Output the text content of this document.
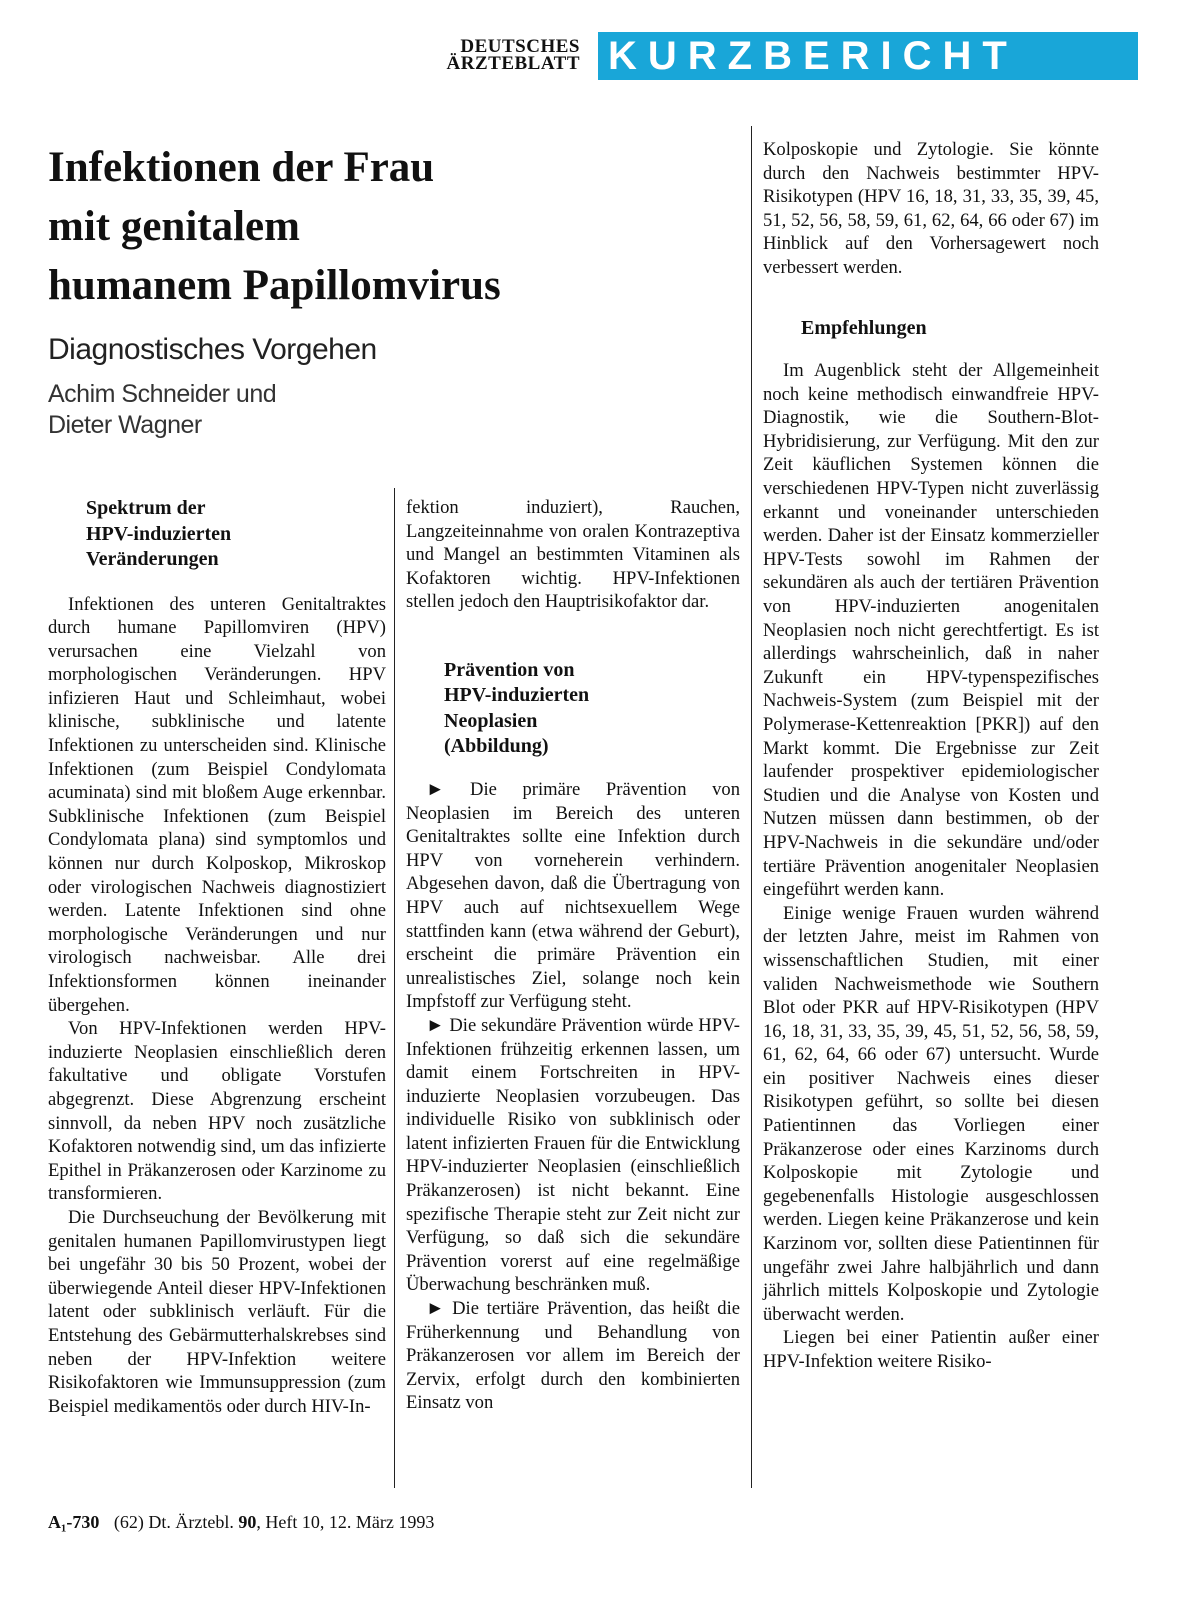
DEUTSCHES
ÄRZTEBLATT KURZBERICHT
Infektionen der Frau
mit genitalem
humanem Papillomvirus
Diagnostisches Vorgehen
Achim Schneider und
Dieter Wagner
Spektrum der
HPV-induzierten
Veränderungen

Infektionen des unteren Genitaltraktes durch humane Papillomviren (HPV) verursachen eine Vielzahl von morphologischen Veränderungen. HPV infizieren Haut und Schleimhaut, wobei klinische, subklinische und latente Infektionen zu unterscheiden sind. Klinische Infektionen (zum Beispiel Condylomata acuminata) sind mit bloßem Auge erkennbar. Subklinische Infektionen (zum Beispiel Condylomata plana) sind symptomlos und können nur durch Kolposkop, Mikroskop oder virologischen Nachweis diagnostiziert werden. Latente Infektionen sind ohne morphologische Veränderungen und nur virologisch nachweisbar. Alle drei Infektionsformen können ineinander übergehen.

Von HPV-Infektionen werden HPV-induzierte Neoplasien einschließlich deren fakultative und obligate Vorstufen abgegrenzt. Diese Abgrenzung erscheint sinnvoll, da neben HPV noch zusätzliche Kofaktoren notwendig sind, um das infizierte Epithel in Präkanzerosen oder Karzinome zu transformieren.

Die Durchseuchung der Bevölkerung mit genitalen humanen Papillomvirustypen liegt bei ungefähr 30 bis 50 Prozent, wobei der überwiegende Anteil dieser HPV-Infektionen latent oder subklinisch verläuft. Für die Entstehung des Gebärmutterhalskrebses sind neben der HPV-Infektion weitere Risikofaktoren wie Immunsuppression (zum Beispiel medikamentös oder durch HIV-In-

fektion induziert), Rauchen, Langzeiteinnahme von oralen Kontrazeptiva und Mangel an bestimmten Vitaminen als Kofaktoren wichtig. HPV-Infektionen stellen jedoch den Hauptrisikofaktor dar.

Prävention von
HPV-induzierten
Neoplasien
(Abbildung)

► Die primäre Prävention von Neoplasien im Bereich des unteren Genitaltraktes sollte eine Infektion durch HPV von vorneherein verhindern. Abgesehen davon, daß die Übertragung von HPV auch auf nichtsexuellem Wege stattfinden kann (etwa während der Geburt), erscheint die primäre Prävention ein unrealistisches Ziel, solange noch kein Impfstoff zur Verfügung steht.

► Die sekundäre Prävention würde HPV-Infektionen frühzeitig erkennen lassen, um damit einem Fortschreiten in HPV-induzierte Neoplasien vorzubeugen. Das individuelle Risiko von subklinisch oder latent infizierten Frauen für die Entwicklung HPV-induzierter Neoplasien (einschließlich Präkanzerosen) ist nicht bekannt. Eine spezifische Therapie steht zur Zeit nicht zur Verfügung, so daß sich die sekundäre Prävention vorerst auf eine regelmäßige Überwachung beschränken muß.

► Die tertiäre Prävention, das heißt die Früherkennung und Behandlung von Präkanzerosen vor allem im Bereich der Zervix, erfolgt durch den kombinierten Einsatz von

Kolposkopie und Zytologie. Sie könnte durch den Nachweis bestimmter HPV-Risikotypen (HPV 16, 18, 31, 33, 35, 39, 45, 51, 52, 56, 58, 59, 61, 62, 64, 66 oder 67) im Hinblick auf den Vorhersagewert noch verbessert werden.

Empfehlungen

Im Augenblick steht der Allgemeinheit noch keine methodisch einwandfreie HPV-Diagnostik, wie die Southern-Blot-Hybridisierung, zur Verfügung. Mit den zur Zeit käuflichen Systemen können die verschiedenen HPV-Typen nicht zuverlässig erkannt und voneinander unterschieden werden. Daher ist der Einsatz kommerzieller HPV-Tests sowohl im Rahmen der sekundären als auch der tertiären Prävention von HPV-induzierten anogenitalen Neoplasien noch nicht gerechtfertigt. Es ist allerdings wahrscheinlich, daß in naher Zukunft ein HPV-typenspezifisches Nachweis-System (zum Beispiel mit der Polymerase-Kettenreaktion [PKR]) auf den Markt kommt. Die Ergebnisse zur Zeit laufender prospektiver epidemiologischer Studien und die Analyse von Kosten und Nutzen müssen dann bestimmen, ob der HPV-Nachweis in die sekundäre und/oder tertiäre Prävention anogenitaler Neoplasien eingeführt werden kann.

Einige wenige Frauen wurden während der letzten Jahre, meist im Rahmen von wissenschaftlichen Studien, mit einer validen Nachweismethode wie Southern Blot oder PKR auf HPV-Risikotypen (HPV 16, 18, 31, 33, 35, 39, 45, 51, 52, 56, 58, 59, 61, 62, 64, 66 oder 67) untersucht. Wurde ein positiver Nachweis eines dieser Risikotypen geführt, so sollte bei diesen Patientinnen das Vorliegen einer Präkanzerose oder eines Karzinoms durch Kolposkopie mit Zytologie und gegebenenfalls Histologie ausgeschlossen werden. Liegen keine Präkanzerose und kein Karzinom vor, sollten diese Patientinnen für ungefähr zwei Jahre halbjährlich und dann jährlich mittels Kolposkopie und Zytologie überwacht werden.

Liegen bei einer Patientin außer einer HPV-Infektion weitere Risiko-

A₁-730 (62) Dt. Ärztebl. 90, Heft 10, 12. März 1993
